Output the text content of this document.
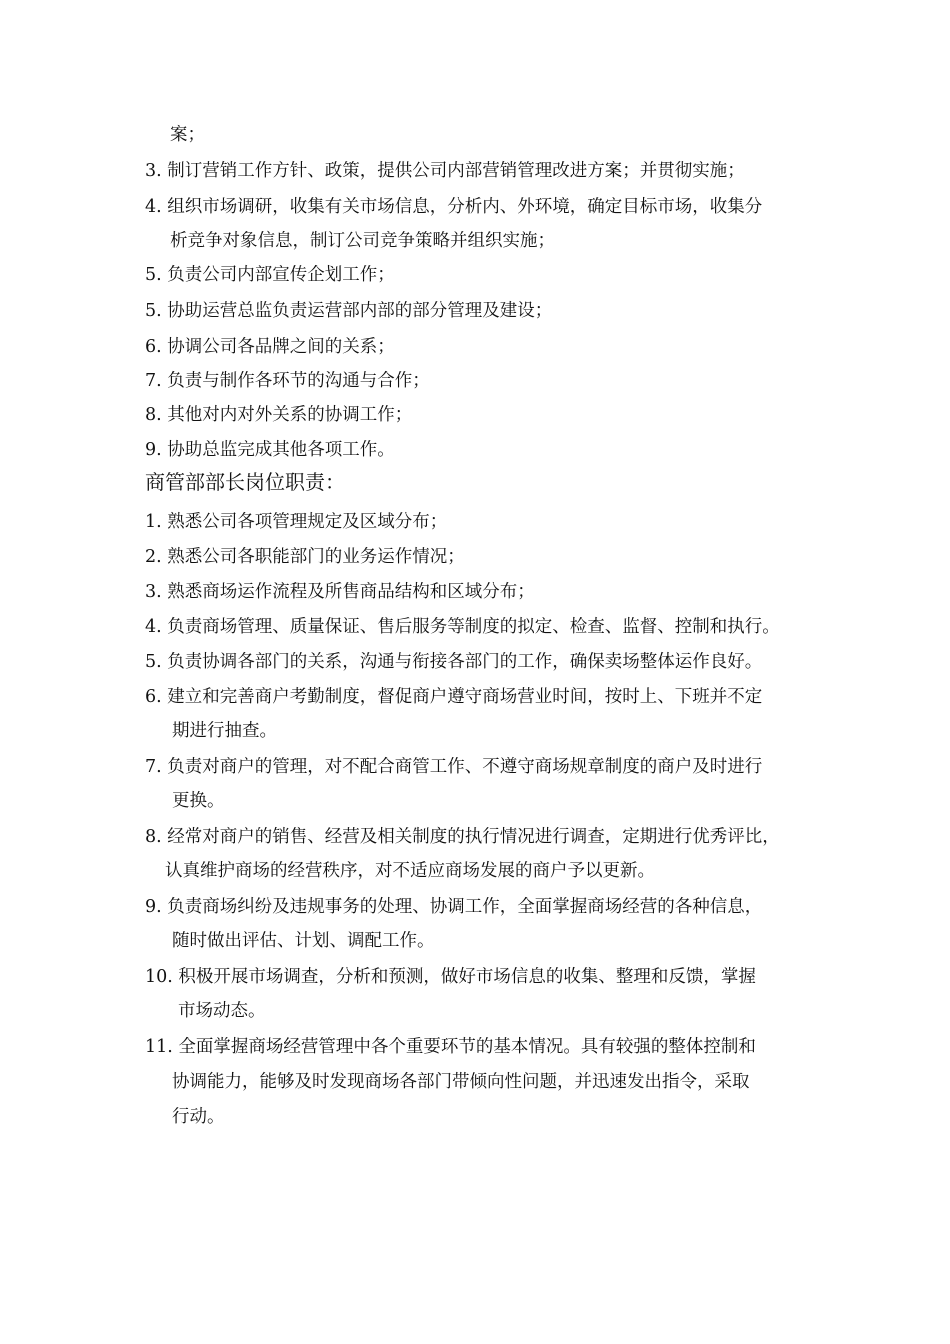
案；
3. 制订营销工作方针、政策，提供公司内部营销管理改进方案；并贯彻实施；
4. 组织市场调研，收集有关市场信息，分析内、外环境，确定目标市场，收集分
析竞争对象信息，制订公司竞争策略并组织实施；
5. 负责公司内部宣传企划工作；
5. 协助运营总监负责运营部内部的部分管理及建设；
6. 协调公司各品牌之间的关系；
7. 负责与制作各环节的沟通与合作；
8. 其他对内对外关系的协调工作；
9. 协助总监完成其他各项工作。
商管部部长岗位职责：
1. 熟悉公司各项管理规定及区域分布；
2. 熟悉公司各职能部门的业务运作情况；
3. 熟悉商场运作流程及所售商品结构和区域分布；
4. 负责商场管理、质量保证、售后服务等制度的拟定、检查、监督、控制和执行。
5. 负责协调各部门的关系，沟通与衔接各部门的工作，确保卖场整体运作良好。
6. 建立和完善商户考勤制度，督促商户遵守商场营业时间，按时上、下班并不定
期进行抽查。
7. 负责对商户的管理，对不配合商管工作、不遵守商场规章制度的商户及时进行
更换。
8. 经常对商户的销售、经营及相关制度的执行情况进行调查，定期进行优秀评比，
认真维护商场的经营秩序，对不适应商场发展的商户予以更新。
9. 负责商场纠纷及违规事务的处理、协调工作，全面掌握商场经营的各种信息，
随时做出评估、计划、调配工作。
10. 积极开展市场调查，分析和预测，做好市场信息的收集、整理和反馈，掌握
市场动态。
11. 全面掌握商场经营管理中各个重要环节的基本情况。具有较强的整体控制和
协调能力，能够及时发现商场各部门带倾向性问题，并迅速发出指令，采取
行动。
